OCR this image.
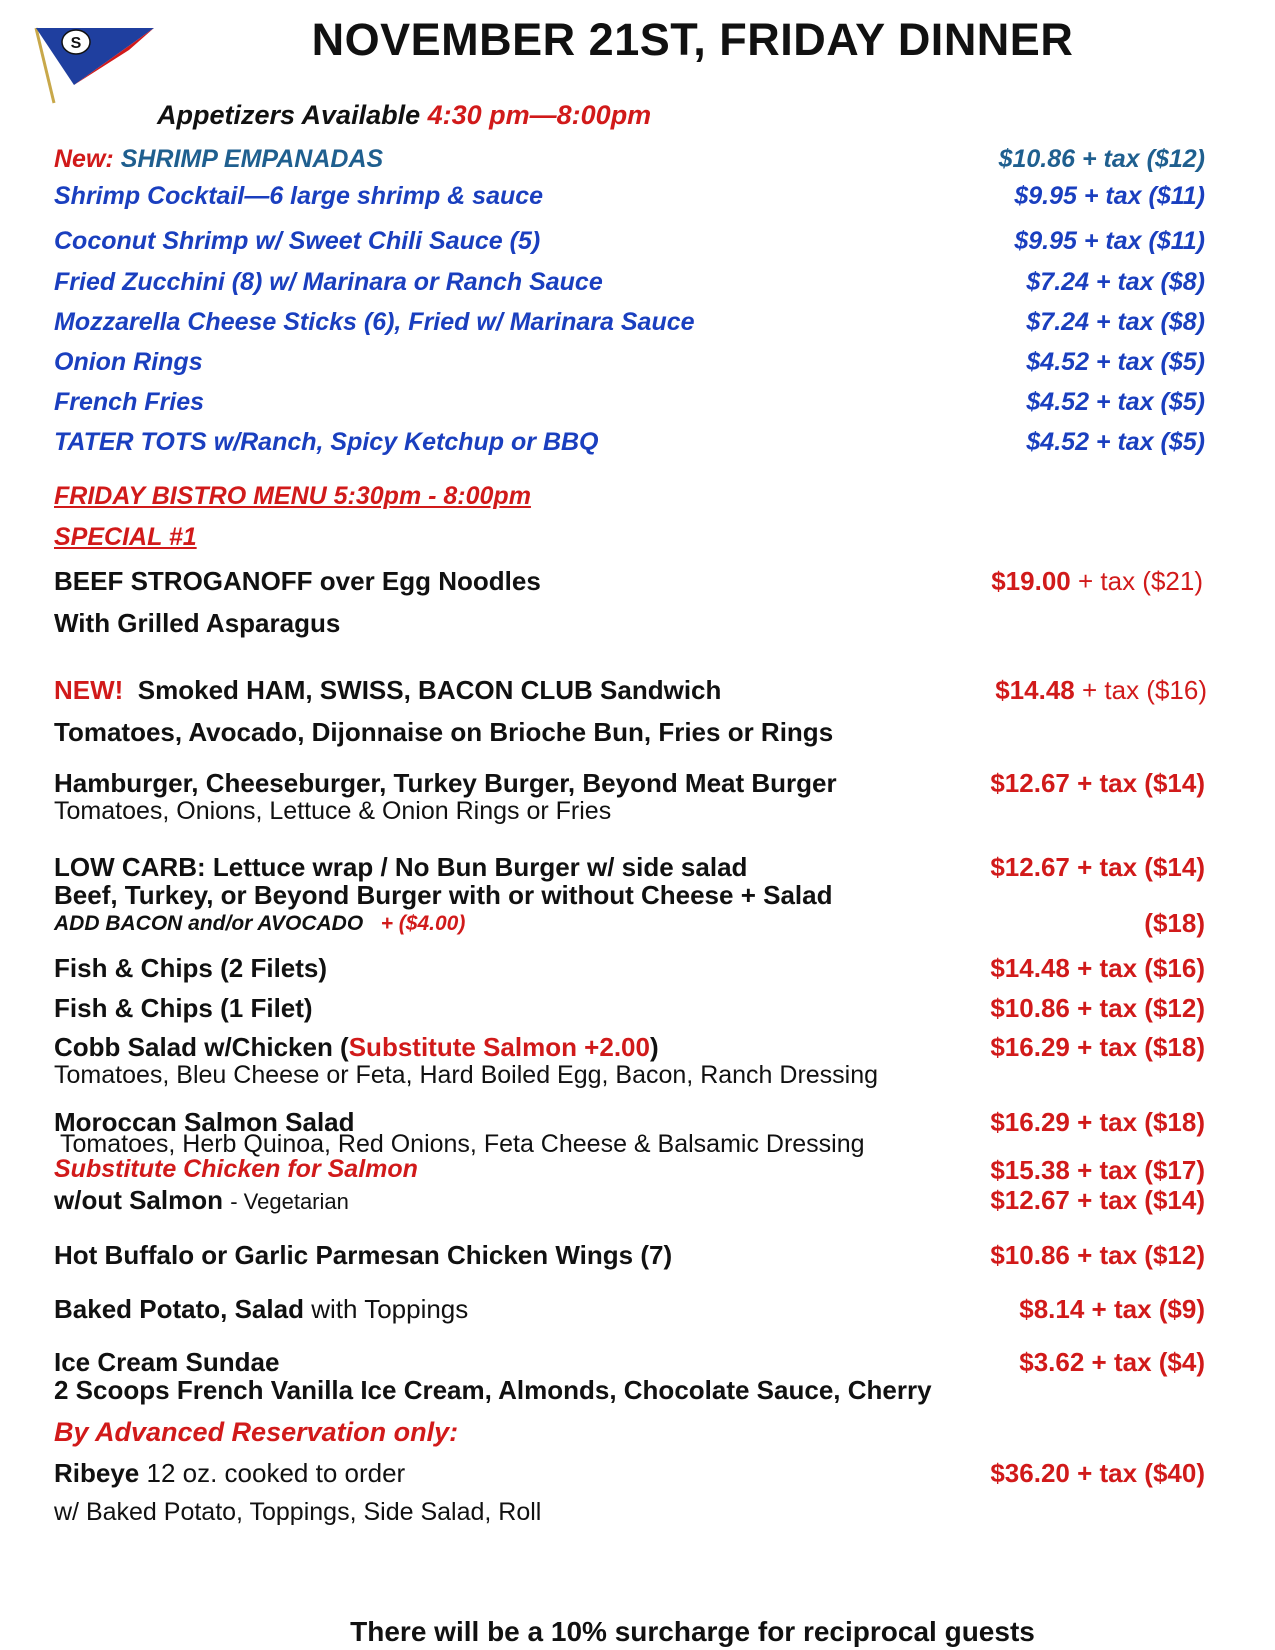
S	NOVEMBER 21ST, FRIDAY DINNER
Appetizers Available 4:30 pm—8:00pm
New: SHRIMP EMPANADAS	$10.86 + tax ($12)
Shrimp Cocktail—6 large shrimp & sauce	$9.95 + tax ($11)
Coconut Shrimp w/ Sweet Chili Sauce (5)	$9.95 + tax ($11)
Fried Zucchini (8) w/ Marinara or Ranch Sauce	$7.24 + tax ($8)
Mozzarella Cheese Sticks (6), Fried w/ Marinara Sauce	$7.24 + tax ($8)
Onion Rings	$4.52 + tax ($5)
French Fries	$4.52 + tax ($5)
TATER TOTS w/Ranch, Spicy Ketchup or BBQ	$4.52 + tax ($5)
FRIDAY BISTRO MENU 5:30pm - 8:00pm
SPECIAL #1
BEEF STROGANOFF over Egg Noodles	$19.00 + tax ($21)
With Grilled Asparagus
NEW! Smoked HAM, SWISS, BACON CLUB Sandwich	$14.48 + tax ($16)
Tomatoes, Avocado, Dijonnaise on Brioche Bun, Fries or Rings
Hamburger, Cheeseburger, Turkey Burger, Beyond Meat Burger	$12.67 + tax ($14)
Tomatoes, Onions, Lettuce & Onion Rings or Fries
LOW CARB: Lettuce wrap / No Bun Burger w/ side salad	$12.67 + tax ($14)
Beef, Turkey, or Beyond Burger with or without Cheese + Salad
ADD BACON and/or AVOCADO + ($4.00)	($18)
Fish & Chips (2 Filets)	$14.48 + tax ($16)
Fish & Chips (1 Filet)	$10.86 + tax ($12)
Cobb Salad w/Chicken (Substitute Salmon +2.00)	$16.29 + tax ($18)
Tomatoes, Bleu Cheese or Feta, Hard Boiled Egg, Bacon, Ranch Dressing
Moroccan Salmon Salad	$16.29 + tax ($18)
Tomatoes, Herb Quinoa, Red Onions, Feta Cheese & Balsamic Dressing
Substitute Chicken for Salmon	$15.38 + tax ($17)
w/out Salmon - Vegetarian	$12.67 + tax ($14)
Hot Buffalo or Garlic Parmesan Chicken Wings (7)	$10.86 + tax ($12)
Baked Potato, Salad with Toppings	$8.14 + tax ($9)
Ice Cream Sundae	$3.62 + tax ($4)
2 Scoops French Vanilla Ice Cream, Almonds, Chocolate Sauce, Cherry
By Advanced Reservation only:
Ribeye 12 oz. cooked to order	$36.20 + tax ($40)
w/ Baked Potato, Toppings, Side Salad, Roll
There will be a 10% surcharge for reciprocal guests
